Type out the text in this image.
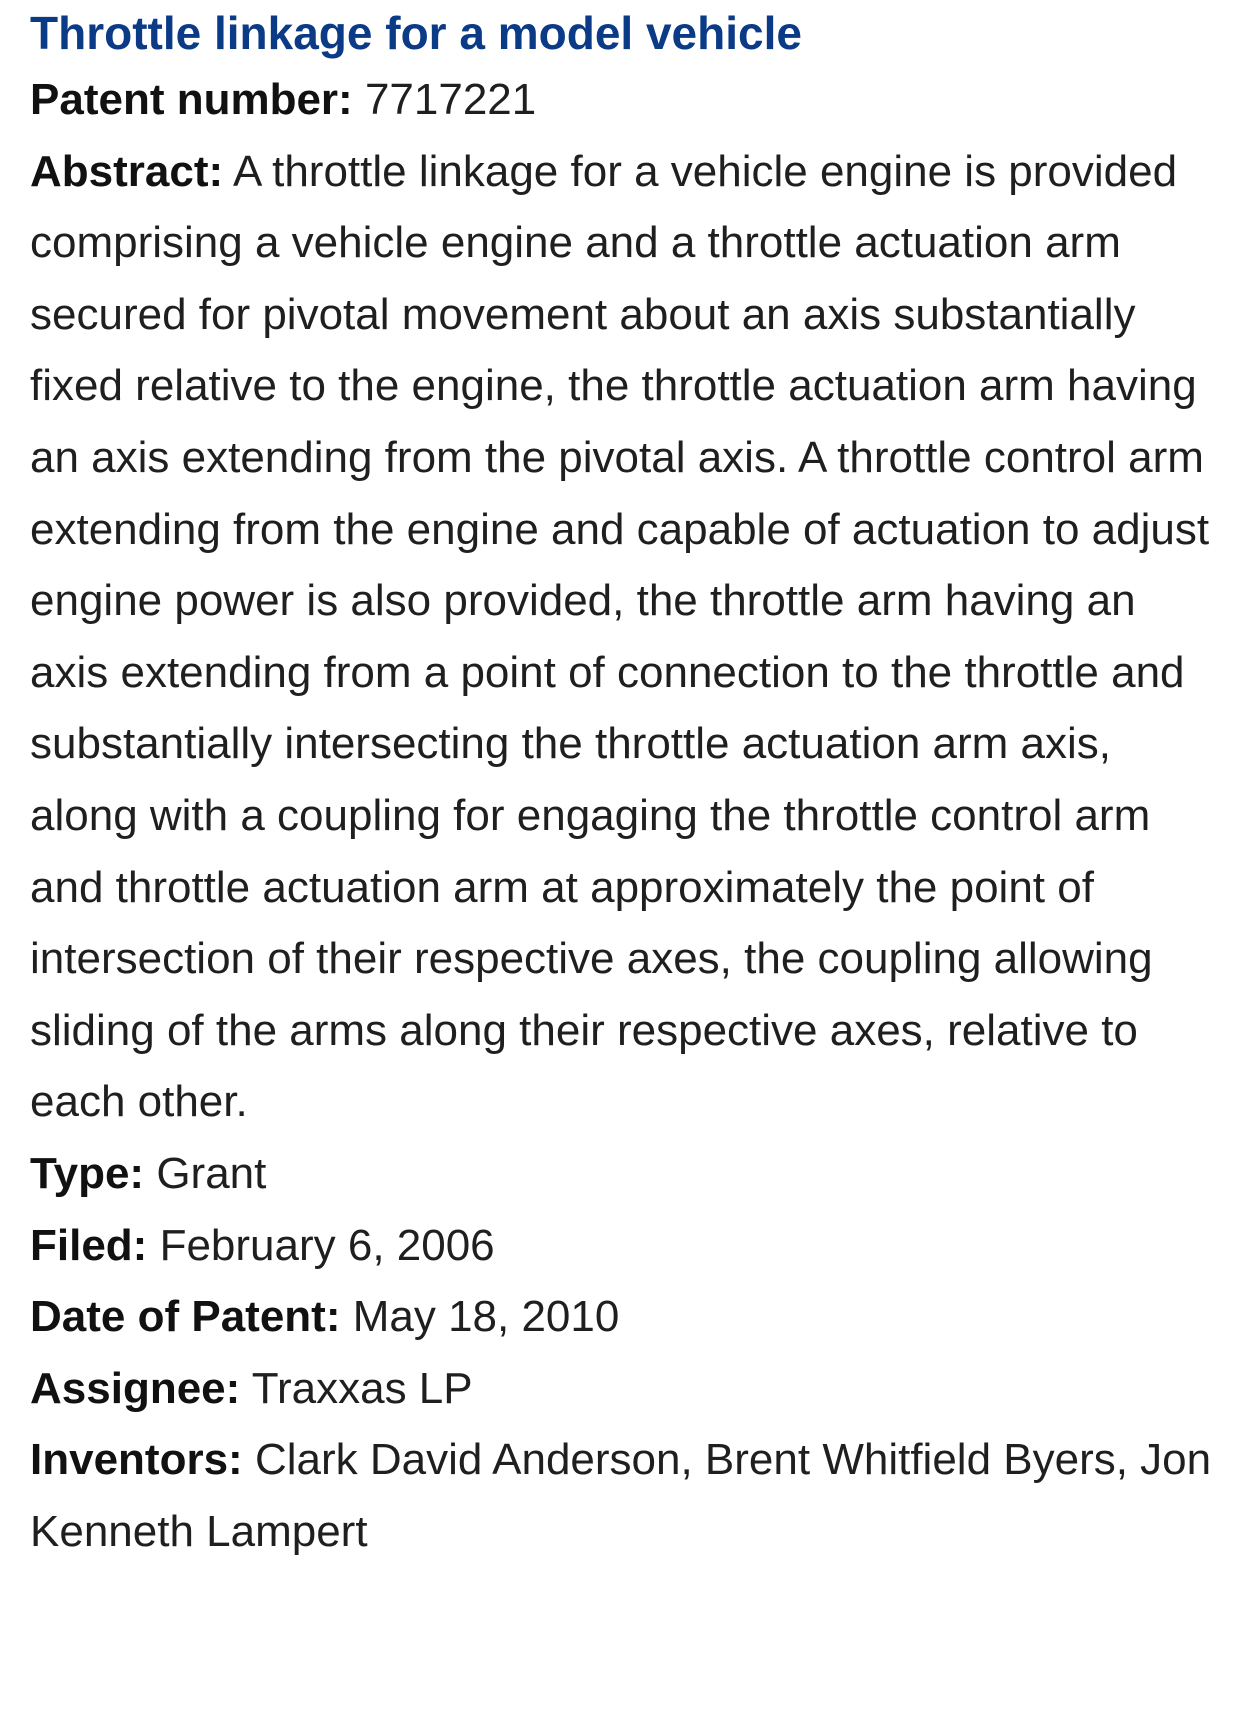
Throttle linkage for a model vehicle

Patent number: 7717221

Abstract: A throttle linkage for a vehicle engine is provided comprising a vehicle engine and a throttle actuation arm secured for pivotal movement about an axis substantially fixed relative to the engine, the throttle actuation arm having an axis extending from the pivotal axis. A throttle control arm extending from the engine and capable of actuation to adjust engine power is also provided, the throttle arm having an axis extending from a point of connection to the throttle and substantially intersecting the throttle actuation arm axis, along with a coupling for engaging the throttle control arm and throttle actuation arm at approximately the point of intersection of their respective axes, the coupling allowing sliding of the arms along their respective axes, relative to each other.

Type: Grant

Filed: February 6, 2006

Date of Patent: May 18, 2010

Assignee: Traxxas LP

Inventors: Clark David Anderson, Brent Whitfield Byers, Jon Kenneth Lampert
